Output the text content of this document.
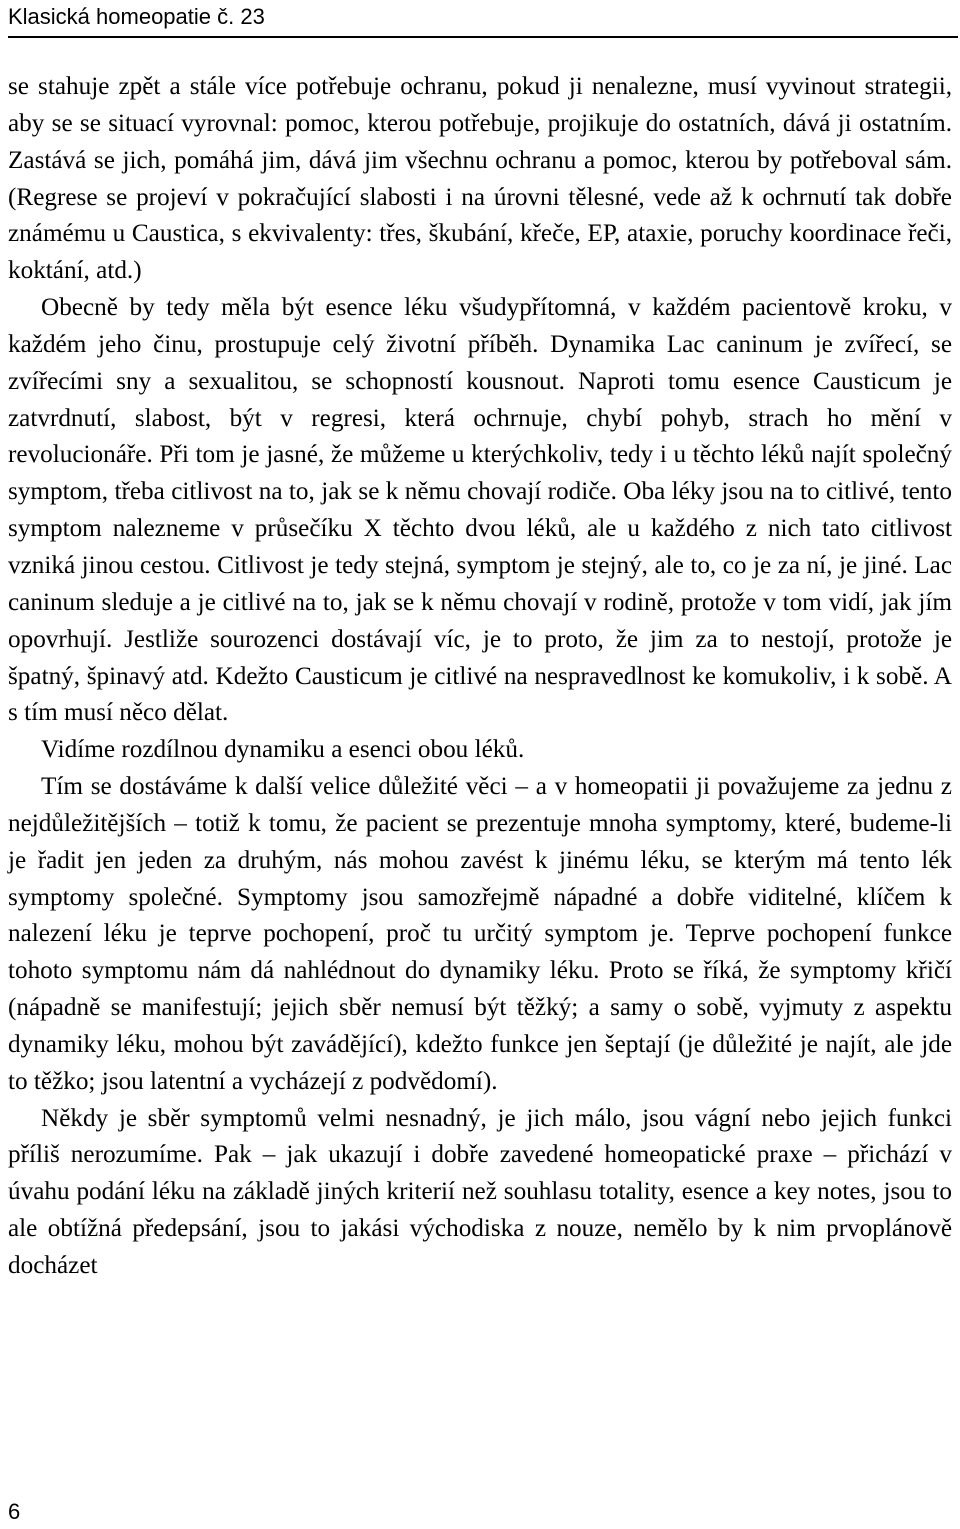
Klasická homeopatie č. 23

se stahuje zpět a stále více potřebuje ochranu, pokud ji nenalezne, musí vyvinout strategii, aby se se situací vyrovnal: pomoc, kterou potřebuje, projikuje do ostatních, dává ji ostatním. Zastává se jich, pomáhá jim, dává jim všechnu ochranu a pomoc, kterou by potřeboval sám. (Regrese se projeví v pokračující slabosti i na úrovni tělesné, vede až k ochrnutí tak dobře známému u Caustica, s ekvivalenty: třes, škubání, křeče, EP, ataxie, poruchy koordinace řeči, koktání, atd.)

Obecně by tedy měla být esence léku všudypřítomná, v každém pacientově kroku, v každém jeho činu, prostupuje celý životní příběh. Dynamika Lac caninum je zvířecí, se zvířecími sny a sexualitou, se schopností kousnout. Naproti tomu esence Causticum je zatvrdnutí, slabost, být v regresi, která ochrnuje, chybí pohyb, strach ho mění v revolucionáře. Při tom je jasné, že můžeme u kterýchkoliv, tedy i u těchto léků najít společný symptom, třeba citlivost na to, jak se k němu chovají rodiče. Oba léky jsou na to citlivé, tento symptom nalezneme v průsečíku X těchto dvou léků, ale u každého z nich tato citlivost vzniká jinou cestou. Citlivost je tedy stejná, symptom je stejný, ale to, co je za ní, je jiné. Lac caninum sleduje a je citlivé na to, jak se k němu chovají v rodině, protože v tom vidí, jak jím opovrhují. Jestliže sourozenci dostávají víc, je to proto, že jim za to nestojí, protože je špatný, špinavý atd. Kdežto Causticum je citlivé na nespravedlnost ke komukoliv, i k sobě. A s tím musí něco dělat.

Vidíme rozdílnou dynamiku a esenci obou léků.

Tím se dostáváme k další velice důležité věci – a v homeopatii ji považujeme za jednu z nejdůležitějších – totiž k tomu, že pacient se prezentuje mnoha symptomy, které, budeme-li je řadit jen jeden za druhým, nás mohou zavést k jinému léku, se kterým má tento lék symptomy společné. Symptomy jsou samozřejmě nápadné a dobře viditelné, klíčem k nalezení léku je teprve pochopení, proč tu určitý symptom je. Teprve pochopení funkce tohoto symptomu nám dá nahlédnout do dynamiky léku. Proto se říká, že symptomy křičí (nápadně se manifestují; jejich sběr nemusí být těžký; a samy o sobě, vyjmuty z aspektu dynamiky léku, mohou být zavádějící), kdežto funkce jen šeptají (je důležité je najít, ale jde to těžko; jsou latentní a vycházejí z podvědomí).

Někdy je sběr symptomů velmi nesnadný, je jich málo, jsou vágní nebo jejich funkci příliš nerozumíme. Pak – jak ukazují i dobře zavedené homeopatické praxe – přichází v úvahu podání léku na základě jiných kriterií než souhlasu totality, esence a key notes, jsou to ale obtížná předepsání, jsou to jakási východiska z nouze, nemělo by k nim prvoplánově docházet

6
